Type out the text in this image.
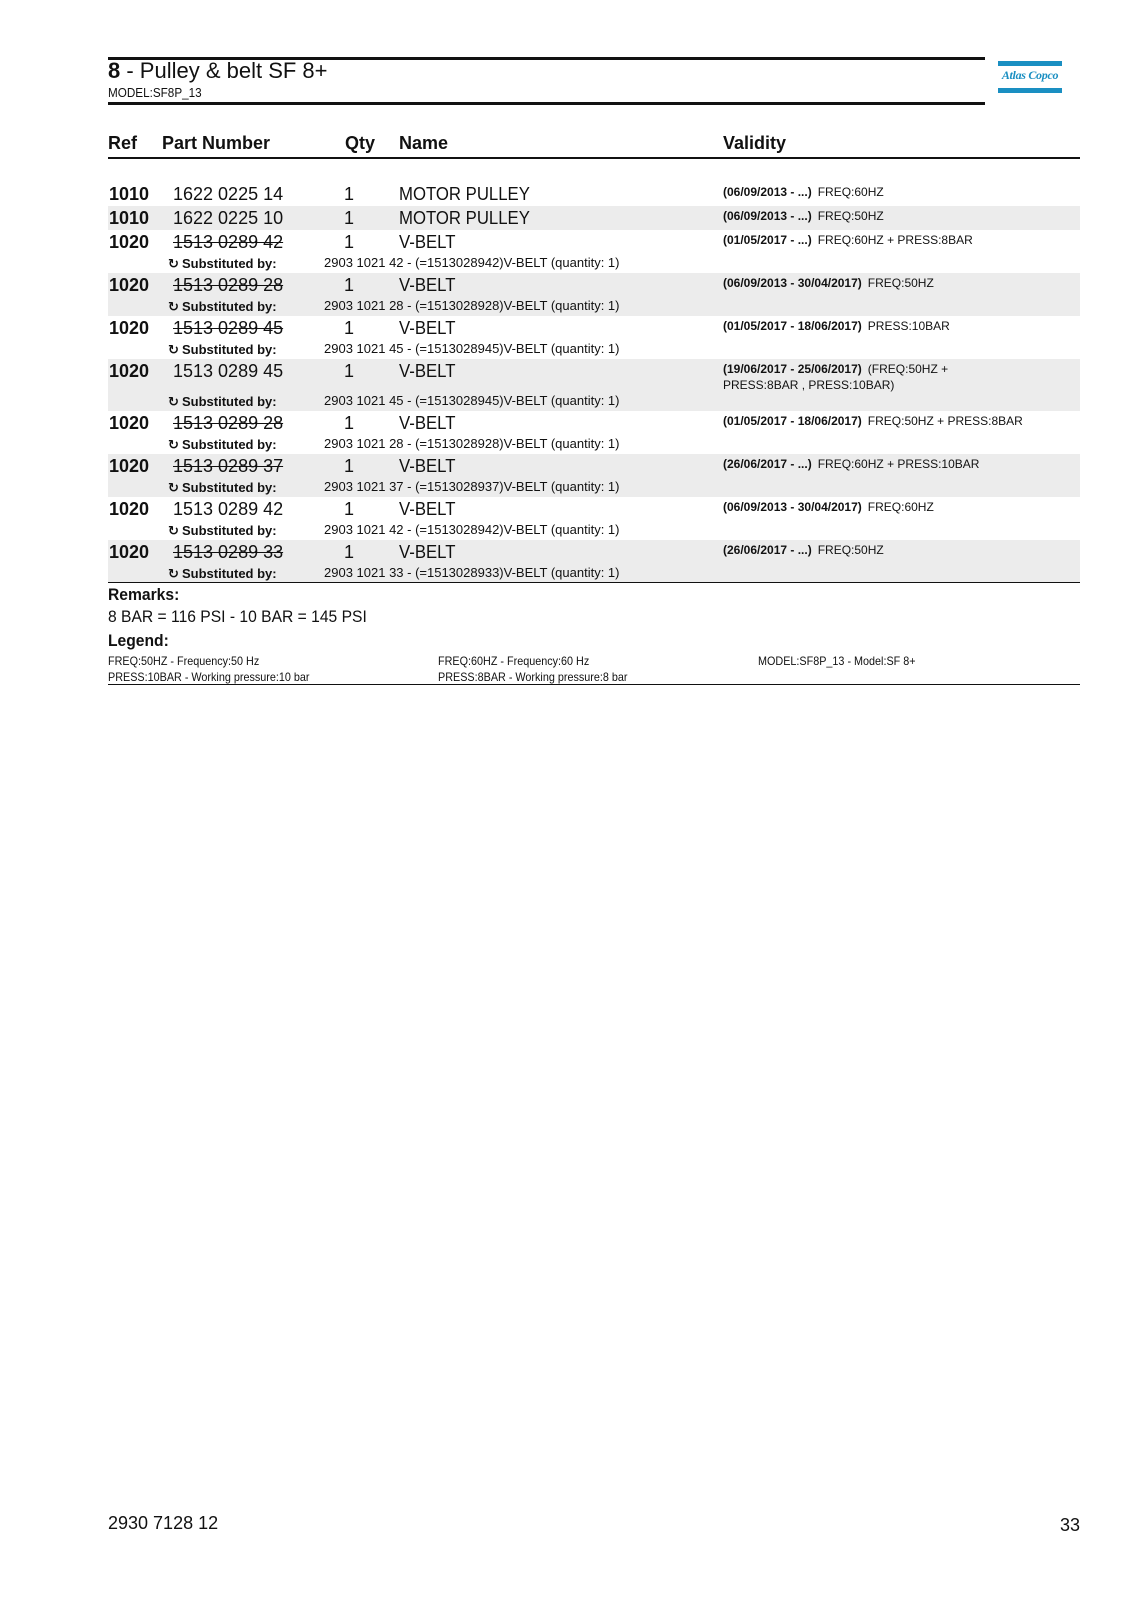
8 - Pulley & belt SF 8+
MODEL:SF8P_13
Atlas Copco
Ref Part Number	Qty Name	Validity
1010 1622 0225 14	1 MOTOR PULLEY	(06/09/2013 - ...) FREQ:60HZ
1010 1622 0225 10	1 MOTOR PULLEY	(06/09/2013 - ...) FREQ:50HZ
1020 1513 0289 42	1 V-BELT	(01/05/2017 - ...) FREQ:60HZ + PRESS:8BAR
↻ Substituted by:	2903 1021 42 - (=1513028942)V-BELT (quantity: 1)
1020 1513 0289 28	1 V-BELT	(06/09/2013 - 30/04/2017) FREQ:50HZ
↻ Substituted by:	2903 1021 28 - (=1513028928)V-BELT (quantity: 1)
1020 1513 0289 45	1 V-BELT	(01/05/2017 - 18/06/2017) PRESS:10BAR
↻ Substituted by:	2903 1021 45 - (=1513028945)V-BELT (quantity: 1)
1020 1513 0289 45	1 V-BELT	(19/06/2017 - 25/06/2017) (FREQ:50HZ + PRESS:8BAR , PRESS:10BAR)
↻ Substituted by:	2903 1021 45 - (=1513028945)V-BELT (quantity: 1)
1020 1513 0289 28	1 V-BELT	(01/05/2017 - 18/06/2017) FREQ:50HZ + PRESS:8BAR
↻ Substituted by:	2903 1021 28 - (=1513028928)V-BELT (quantity: 1)
1020 1513 0289 37	1 V-BELT	(26/06/2017 - ...) FREQ:60HZ + PRESS:10BAR
↻ Substituted by:	2903 1021 37 - (=1513028937)V-BELT (quantity: 1)
1020 1513 0289 42	1 V-BELT	(06/09/2013 - 30/04/2017) FREQ:60HZ
↻ Substituted by:	2903 1021 42 - (=1513028942)V-BELT (quantity: 1)
1020 1513 0289 33	1 V-BELT	(26/06/2017 - ...) FREQ:50HZ
↻ Substituted by:	2903 1021 33 - (=1513028933)V-BELT (quantity: 1)
Remarks:
8 BAR = 116 PSI - 10 BAR = 145 PSI
Legend:
FREQ:50HZ - Frequency:50 Hz	FREQ:60HZ - Frequency:60 Hz	MODEL:SF8P_13 - Model:SF 8+
PRESS:10BAR - Working pressure:10 bar	PRESS:8BAR - Working pressure:8 bar
2930 7128 12	33
